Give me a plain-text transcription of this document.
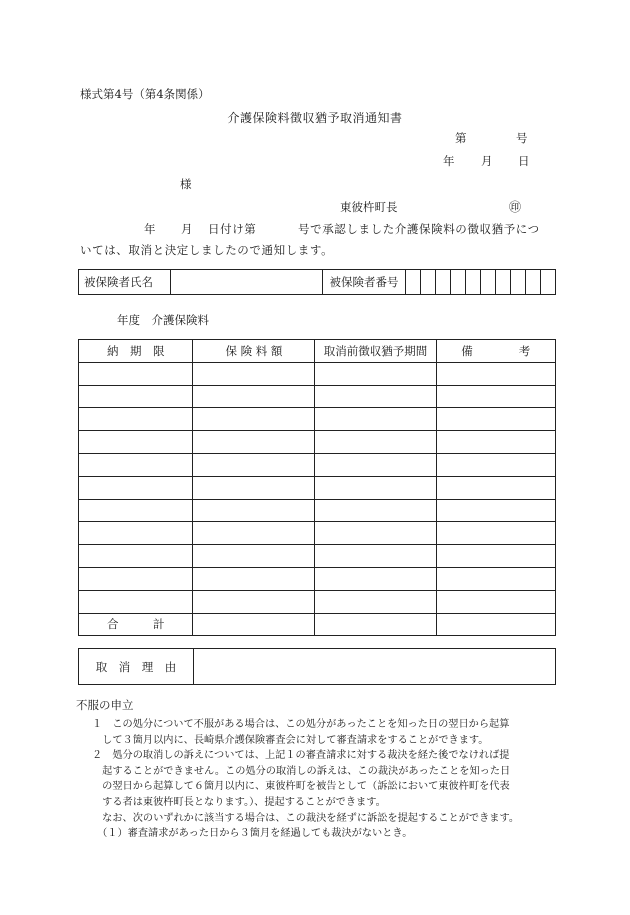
様式第4号（第4条関係）
介護保険料徴収猶予取消通知書
第	号
年 月 日
様
東彼杵町長	㊞
年 月 日付け第	号で承認しました介護保険料の徴収猶予につ
いては、取消と決定しましたので通知します。
被保険者氏名		被保険者番号										
年度　介護保険料
納　期　限	保 険 料 額	取消前徴収猶予期間	備　　　　考

合　　　計			
取　消　理　由	
不服の申立

１　この処分について不服がある場合は、この処分があったことを知った日の翌日から起算

　して３箇月以内に、長崎県介護保険審査会に対して審査請求をすることができます。

２　処分の取消しの訴えについては、上記１の審査請求に対する裁決を経た後でなければ提

　起することができません。この処分の取消しの訴えは、この裁決があったことを知った日

　の翌日から起算して６箇月以内に、東彼杵町を被告として（訴訟において東彼杵町を代表

　する者は東彼杵町長となります。）、提起することができます。

　なお、次のいずれかに該当する場合は、この裁決を経ずに訴訟を提起することができます。

　（１）審査請求があった日から３箇月を経過しても裁決がないとき。
